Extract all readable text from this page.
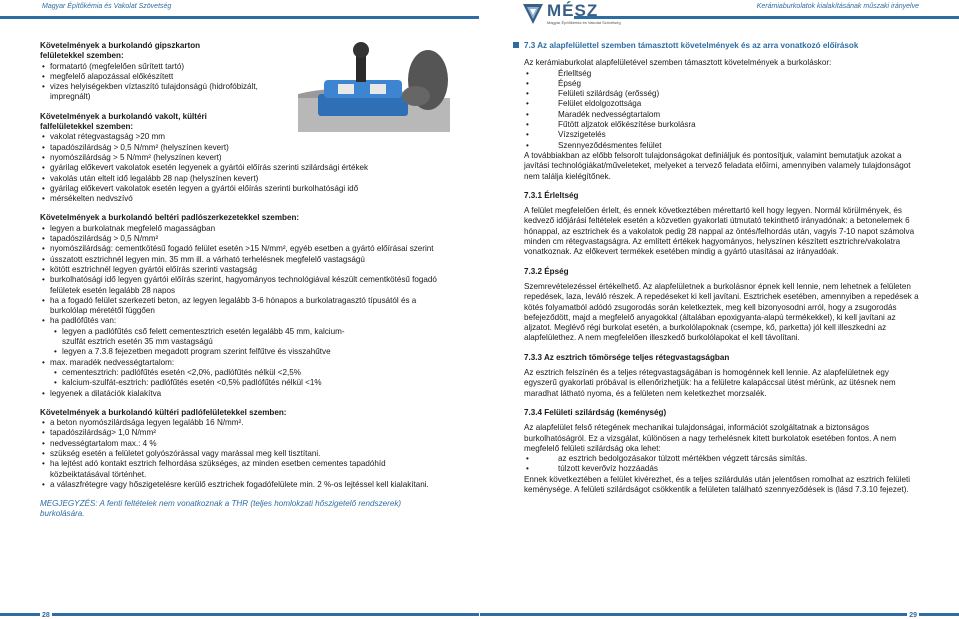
Magyar Építőkémia és Vakolat Szövetség	Kerámiaburkolatok kialakításának műszaki irányelve
MÉSZ
Magyar Építőkémia és Vakolat Szövetség
Követelmények a burkolandó gipszkarton felületekkel szemben:
• formatartó (megfelelően sűrített tartó)
• megfelelő alapozással előkészített
• vizes helyiségekben víztaszító tulajdonságú (hidrofóbizált, impregnált)
Követelmények a burkolandó vakolt, kültéri falfelületekkel szemben:
• vakolat rétegvastagság >20 mm
• tapadószilárdság > 0,5 N/mm² (helyszínen kevert)
• nyomószilárdság > 5 N/mm² (helyszínen kevert)
• gyárilag előkevert vakolatok esetén legyenek a gyártói előírás szerinti szilárdsági értékek
• vakolás után eltelt idő legalább 28 nap (helyszínen kevert)
• gyárilag előkevert vakolatok esetén legyen a gyártói előírás szerinti burkolhatósági idő
• mérsékelten nedvszívó
Követelmények a burkolandó beltéri padlószerkezetekkel szemben:
• legyen a burkolatnak megfelelő magasságban
• tapadószilárdság > 0,5 N/mm²
• nyomószilárdság: cementkötésű fogadó felület esetén >15 N/mm², egyéb esetben a gyártó előírásai szerint
• ússzatott esztrichnél legyen min. 35 mm ill. a várható terhelésnek megfelelő vastagságú
• kötött esztrichnél legyen gyártói előírás szerinti vastagság
• burkolhatósági idő legyen gyártói előírás szerint, hagyományos technológiával készült cementkötésű fogadó felületek esetén legalább 28 napos
• ha a fogadó felület szerkezeti beton, az legyen legalább 3-6 hónapos a burkolatragasztó típusától és a burkolólap méretétől függően
• ha padlófűtés van:
• legyen a padlófűtés cső felett cementesztrich esetén legalább 45 mm, kalcium-szulfát esztrich esetén 35 mm vastagságú
• legyen a 7.3.8 fejezetben megadott program szerint felfűtve és visszahűtve
• max. maradék nedvességtartalom:
• cementesztrich: padlófűtés esetén <2,0%, padlófűtés nélkül <2,5%
• kalcium-szulfát-esztrich: padlófűtés esetén <0,5% padlófűtés nélkül <1%
• legyenek a dilatációk kialakítva
Követelmények a burkolandó kültéri padlófelületekkel szemben:
• a beton nyomószilárdsága legyen legalább 16 N/mm².
• tapadószilárdság> 1,0 N/mm²
• nedvességtartalom max.: 4 %
• szükség esetén a felületet golyószórással vagy marással meg kell tisztítani.
• ha lejtést adó kontakt esztrich felhordása szükséges, az minden esetben cementes tapadóhíd közbeiktatásával történhet.
• a válaszfrétegre vagy hőszigetelésre kerülő esztrichek fogadófelülete min. 2 %-os lejtéssel kell kialakítani.
MEGJEGYZÉS: A fenti feltételek nem vonatkoznak a THR (teljes homlokzati hőszigetelő rendszerek) burkolására.
7.3 Az alapfelülettel szemben támasztott követelmények és az arra vonatkozó előírások
Az kerámiaburkolat alapfelületével szemben támasztott követelmények a burkoláskor:
• Érlelltség
• Épség
• Felületi szilárdság (erősség)
• Felület eldolgozottsága
• Maradék nedvességtartalom
• Fűtött aljzatok előkészítése burkolásra
• Vízszigetelés
• Szennyeződésmentes felület
A továbbiakban az előbb felsorolt tulajdonságokat definiáljuk és pontosítjuk, valamint bemutatjuk azokat a javítási technológiákat/műveleteket, melyeket a tervező feladata előírni, amennyiben valamely tulajdonságot nem találja kielégítőnek.
7.3.1 Érleltség
A felület megfelelően érlelt, és ennek következtében mérettartó kell hogy legyen. Normál körülmények, és kedvező időjárási feltételek esetén a közvetlen gyakorlati útmutató tekinthető irányadónak: a betonelemek 6 hónappal, az esztrichek és a vakolatok pedig 28 nappal az öntés/felhordás után, vagyis 7-10 napot számolva minden cm rétegvastagságra. Az említett értékek hagyományos, helyszínen készített esztrichre/vakolatra vonatkoznak. Az előkevert termékek esetében mindig a gyártó utasításai az irányadóak.
7.3.2 Épség
Szemrevételezéssel értékelhető. Az alapfelületnek a burkolásnor épnek kell lennie, nem lehetnek a felületen repedések, laza, leváló részek. A repedéseket ki kell javítani. Esztrichek esetében, amennyiben a repedések a kötés folyamatból adódó zsugorodás során keletkeztek, meg kell bizonyosodni arról, hogy a zsugorodás befejeződött, majd a megfelelő anyagokkal (általában epoxigyanta-alapú termékekkel), ki kell javítani az aljzatot. Meglévő régi burkolat esetén, a burkolólapoknak (csempe, kő, parketta) jól kell illeszkedni az alapfelülethez. A nem megfelelően illeszkedő burkolólapokat el kell távolítani.
7.3.3 Az esztrich tömörsége teljes rétegvastagságban
Az esztrich felszínén és a teljes rétegvastagságában is homogénnek kell lennie. Az alapfelületnek egy egyszerű gyakorlati próbával is ellenőrizhetjük: ha a felületre kalapáccsal ütést mérünk, az ütésnek nem maradhat látható nyoma, és a felületen nem keletkezhet morzsalék.
7.3.4 Felületi szilárdság (keménység)
Az alapfelület felső rétegének mechanikai tulajdonságai, információt szolgáltatnak a biztonságos burkolhatóságról. Ez a vizsgálat, különösen a nagy terhelésnek kitett burkolatok esetében fontos. A nem megfelelő felületi szilárdság oka lehet:
• az esztrich bedolgozásakor túlzott mértékben végzett tárcsás simítás.
• túlzott keverővíz hozzáadás
Ennek következtében a felület kivérezhet, és a teljes szilárdulás után jelentősen romolhat az esztrich felületi keménysége. A felületi szilárdságot csökkentik a felületen található szennyeződések is (lásd 7.3.10 fejezet).
28	29
